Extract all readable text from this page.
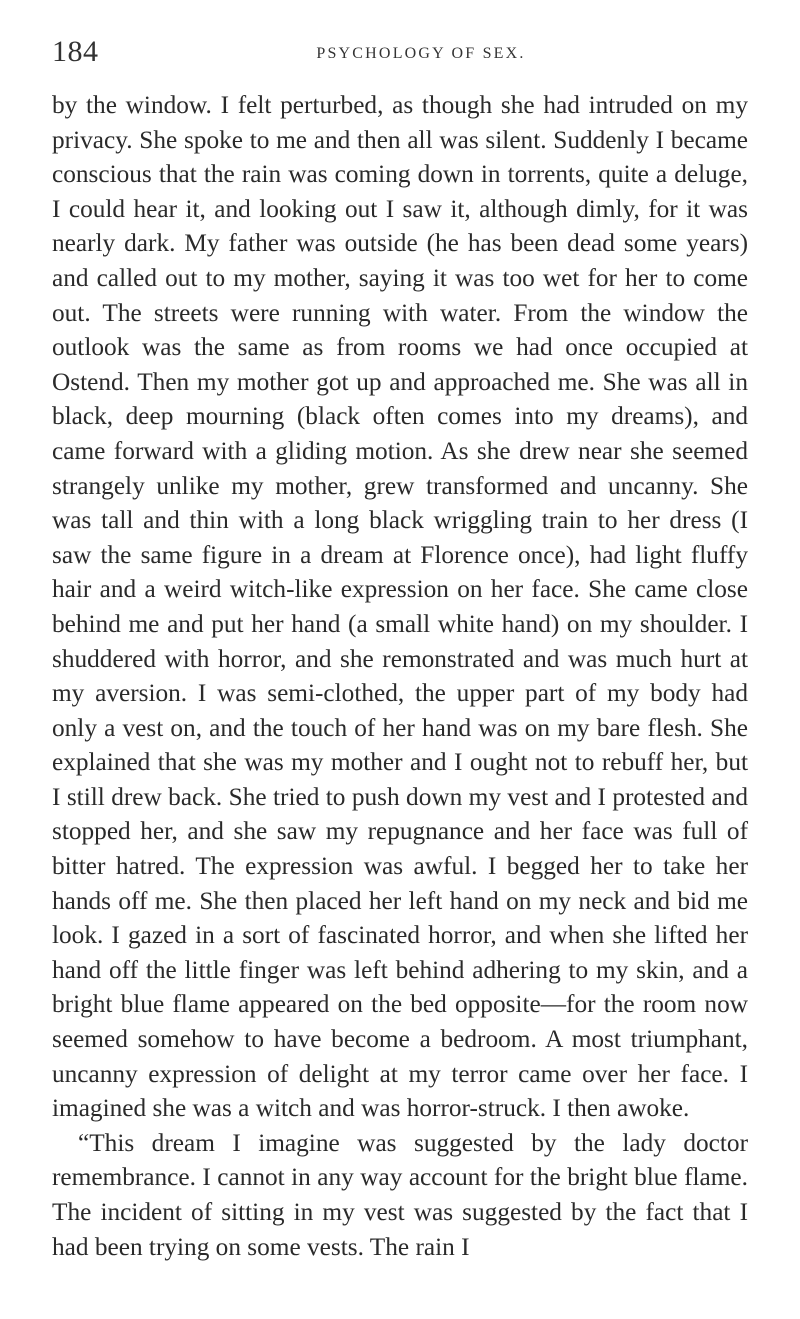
184	PSYCHOLOGY OF SEX.

by the window. I felt perturbed, as though she had intruded on my privacy. She spoke to me and then all was silent. Suddenly I became conscious that the rain was coming down in torrents, quite a deluge, I could hear it, and looking out I saw it, although dimly, for it was nearly dark. My father was outside (he has been dead some years) and called out to my mother, saying it was too wet for her to come out. The streets were running with water. From the window the outlook was the same as from rooms we had once occupied at Ostend. Then my mother got up and approached me. She was all in black, deep mourning (black often comes into my dreams), and came forward with a gliding motion. As she drew near she seemed strangely unlike my mother, grew transformed and uncanny. She was tall and thin with a long black wriggling train to her dress (I saw the same figure in a dream at Florence once), had light fluffy hair and a weird witch-like expression on her face. She came close behind me and put her hand (a small white hand) on my shoulder. I shuddered with horror, and she remonstrated and was much hurt at my aversion. I was semi-clothed, the upper part of my body had only a vest on, and the touch of her hand was on my bare flesh. She explained that she was my mother and I ought not to rebuff her, but I still drew back. She tried to push down my vest and I protested and stopped her, and she saw my repugnance and her face was full of bitter hatred. The expression was awful. I begged her to take her hands off me. She then placed her left hand on my neck and bid me look. I gazed in a sort of fascinated horror, and when she lifted her hand off the little finger was left behind adhering to my skin, and a bright blue flame appeared on the bed opposite—for the room now seemed somehow to have become a bedroom. A most triumphant, uncanny expression of delight at my terror came over her face. I imagined she was a witch and was horror-struck. I then awoke.

“This dream I imagine was suggested by the lady doctor remembrance. I cannot in any way account for the bright blue flame. The incident of sitting in my vest was suggested by the fact that I had been trying on some vests. The rain I
